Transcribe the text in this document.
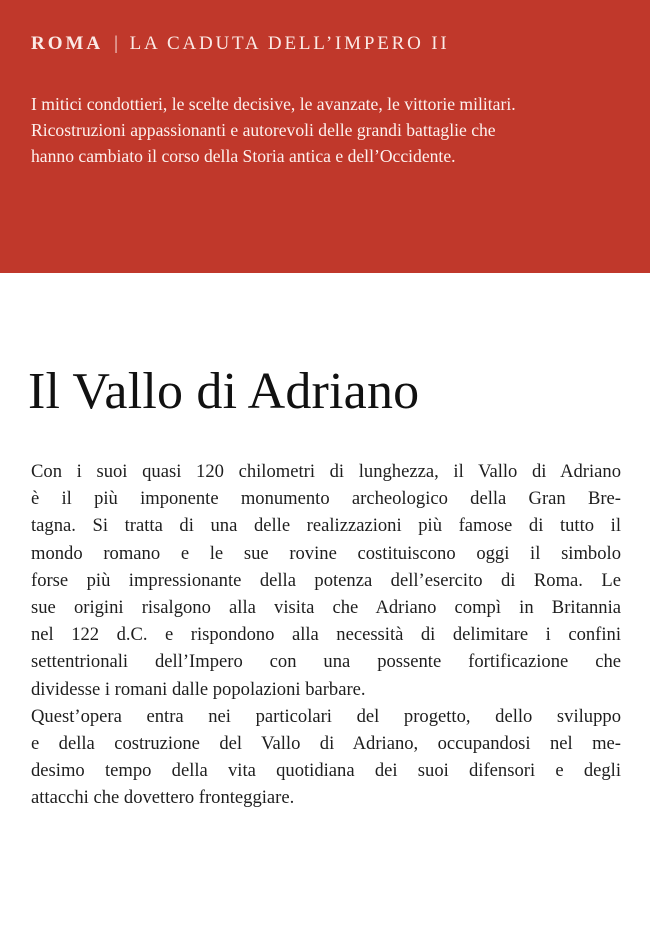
ROMA | LA CADUTA DELL’IMPERO II
I mitici condottieri, le scelte decisive, le avanzate, le vittorie militari.
Ricostruzioni appassionanti e autorevoli delle grandi battaglie che
hanno cambiato il corso della Storia antica e dell’Occidente.
Il Vallo di Adriano
Con i suoi quasi 120 chilometri di lunghezza, il Vallo di Adriano
è il più imponente monumento archeologico della Gran Bre-
tagna. Si tratta di una delle realizzazioni più famose di tutto il
mondo romano e le sue rovine costituiscono oggi il simbolo
forse più impressionante della potenza dell’esercito di Roma. Le
sue origini risalgono alla visita che Adriano compì in Britannia
nel 122 d.C. e rispondono alla necessità di delimitare i confini
settentrionali dell’Impero con una possente fortificazione che
dividesse i romani dalle popolazioni barbare.
Quest’opera entra nei particolari del progetto, dello sviluppo
e della costruzione del Vallo di Adriano, occupandosi nel me-
desimo tempo della vita quotidiana dei suoi difensori e degli
attacchi che dovettero fronteggiare.
